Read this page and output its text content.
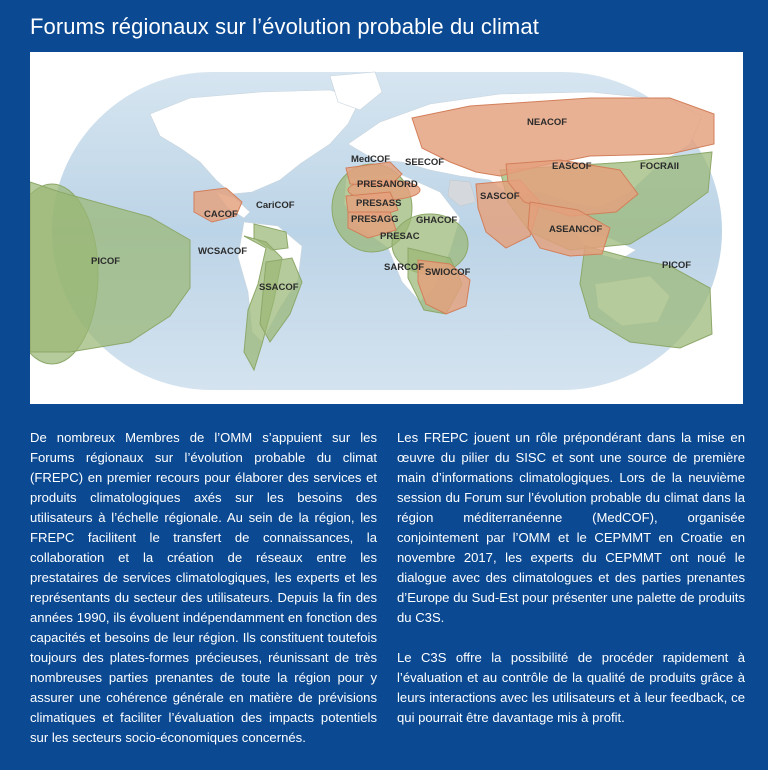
Forums régionaux sur l’évolution probable du climat
NEACOF
MedCOF SEECOF
PRESANORD
PRESASS
PRESAGG GHACOF
PRESAC
SARCOF SWIOCOF
SASCOF
EASCOF	FOCRAII
ASEANCOF
CariCOF
CACOF
WCSACOF
SSACOF
PICOF	PICOF

De nombreux Membres de l’OMM s’appuient sur les Forums régionaux sur l’évolution probable du climat (FREPC) en premier recours pour élaborer des services et produits climatologiques axés sur les besoins des utilisateurs à l’échelle régionale. Au sein de la région, les FREPC facilitent le transfert de connaissances, la collaboration et la création de réseaux entre les prestataires de services climatologiques, les experts et les représentants du secteur des utilisateurs. Depuis la fin des années 1990, ils évoluent indépendamment en fonction des capacités et besoins de leur région. Ils constituent toutefois toujours des plates-formes précieuses, réunissant de très nombreuses parties prenantes de toute la région pour y assurer une cohérence générale en matière de prévisions climatiques et faciliter l’évaluation des impacts potentiels sur les secteurs socio-économiques concernés.

Les FREPC jouent un rôle prépondérant dans la mise en œuvre du pilier du SISC et sont une source de première main d’informations climatologiques. Lors de la neuvième session du Forum sur l’évolution probable du climat dans la région méditerranéenne (MedCOF), organisée conjointement par l’OMM et le CEPMMT en Croatie en novembre 2017, les experts du CEPMMT ont noué le dialogue avec des climatologues et des parties prenantes d’Europe du Sud-Est pour présenter une palette de produits du C3S.

Le C3S offre la possibilité de procéder rapidement à l’évaluation et au contrôle de la qualité de produits grâce à leurs interactions avec les utilisateurs et à leur feedback, ce qui pourrait être davantage mis à profit.
